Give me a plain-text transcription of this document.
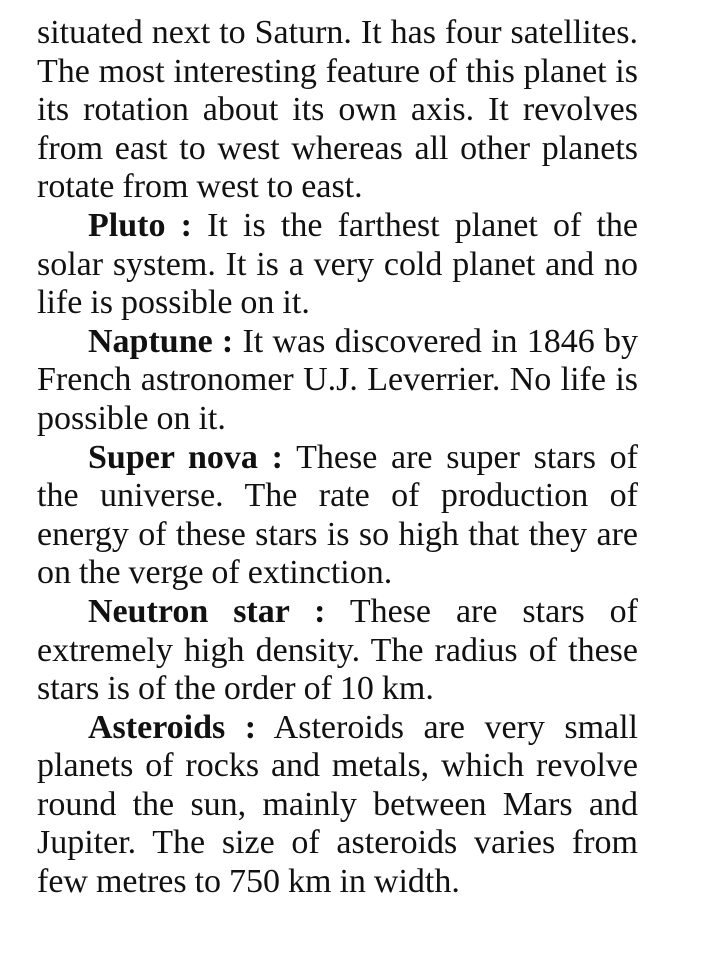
situated next to Saturn. It has four satellites. The most interesting feature of this planet is its rotation about its own axis. It revolves from east to west whereas all other planets rotate from west to east.

Pluto : It is the farthest planet of the solar system. It is a very cold planet and no life is possible on it.

Naptune : It was discovered in 1846 by French astronomer U.J. Leverrier. No life is possible on it.

Super nova : These are super stars of the universe. The rate of production of energy of these stars is so high that they are on the verge of extinction.

Neutron star : These are stars of extremely high density. The radius of these stars is of the order of 10 km.

Asteroids : Asteroids are very small planets of rocks and metals, which revolve round the sun, mainly between Mars and Jupiter. The size of asteroids varies from few metres to 750 km in width.
